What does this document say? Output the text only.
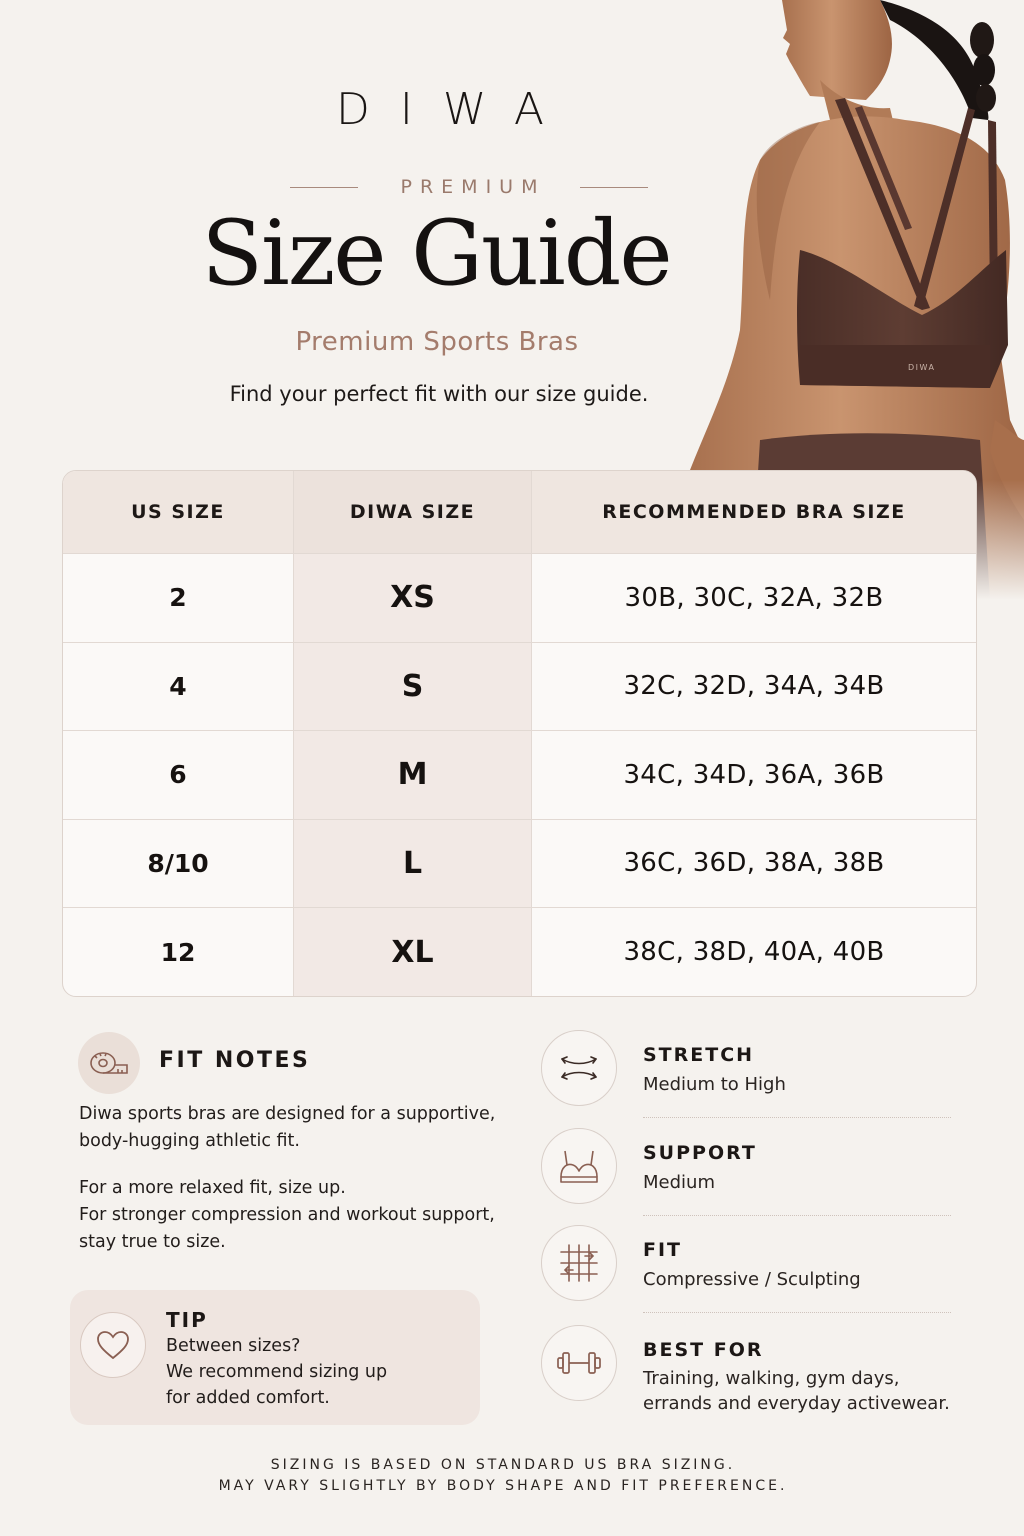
DIWA
DIWA
PREMIUM
Size Guide
Premium Sports Bras
Find your perfect fit with our size guide.
US SIZE	DIWA SIZE	RECOMMENDED BRA SIZE
2	XS	30B, 30C, 32A, 32B
4	S	32C, 32D, 34A, 34B
6	M	34C, 34D, 36A, 36B
8/10	L	36C, 36D, 38A, 38B
12	XL	38C, 38D, 40A, 40B
FIT NOTES
Diwa sports bras are designed for a supportive,
body-hugging athletic fit.
For a more relaxed fit, size up.
For stronger compression and workout support,
stay true to size.
TIP
Between sizes?
We recommend sizing up
for added comfort.
STRETCH
Medium to High
SUPPORT
Medium
FIT
Compressive / Sculpting
BEST FOR
Training, walking, gym days,
errands and everyday activewear.
SIZING IS BASED ON STANDARD US BRA SIZING.
MAY VARY SLIGHTLY BY BODY SHAPE AND FIT PREFERENCE.
